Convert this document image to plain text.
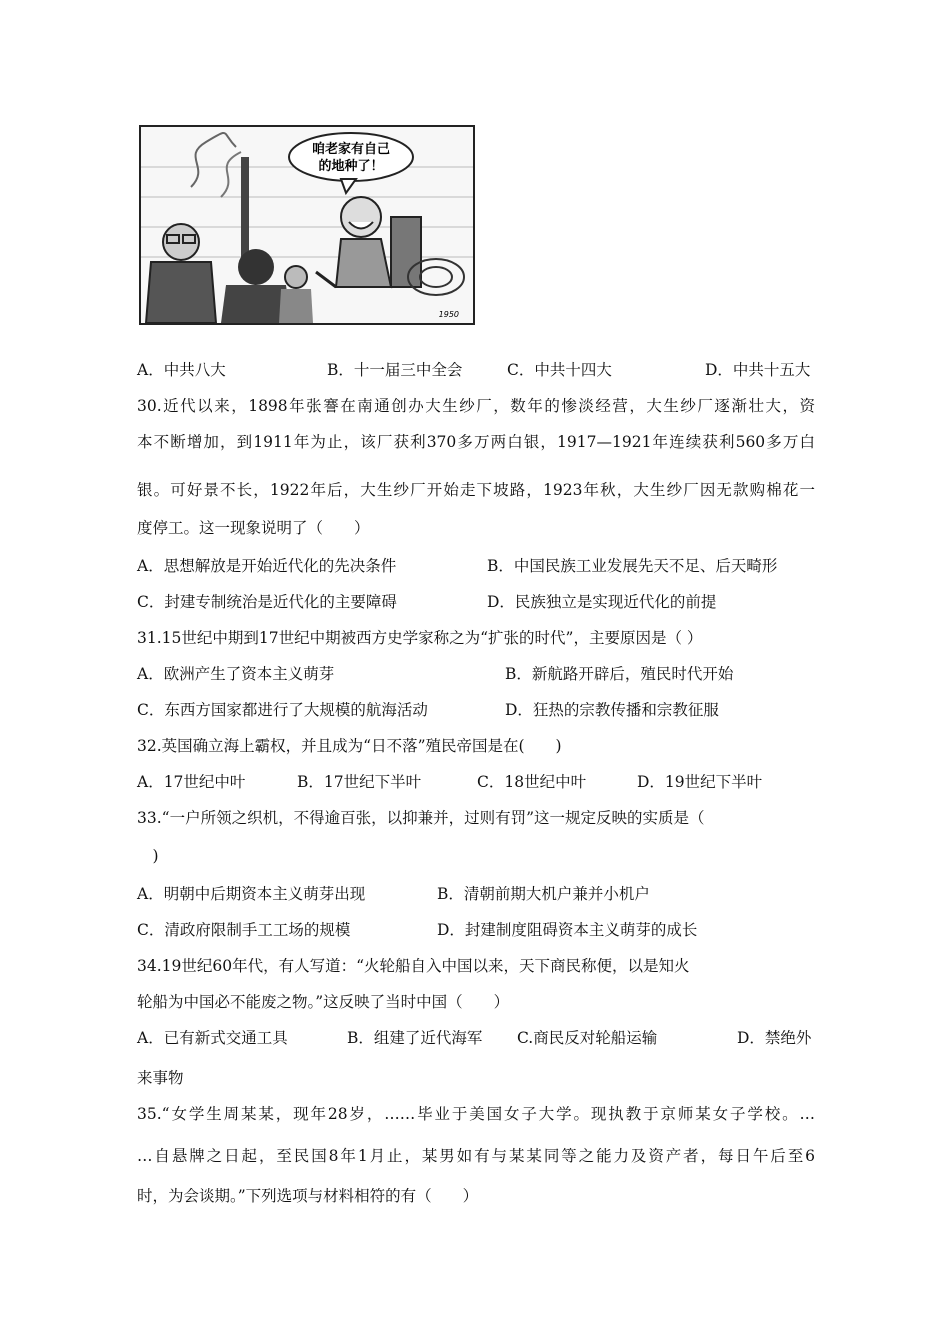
咱老家有自己
的地种了！
1950
A．中共八大	B．十一届三中全会	C．中共十四大	D．中共十五大
30.近代以来，1898年张謇在南通创办大生纱厂，数年的惨淡经营，大生纱厂逐渐壮大，资
本不断增加，到1911年为止，该厂获利370多万两白银，1917—1921年连续获利560多万白
银。可好景不长，1922年后，大生纱厂开始走下坡路，1923年秋，大生纱厂因无款购棉花一
度停工。这一现象说明了（　　）
A．思想解放是开始近代化的先决条件	B．中国民族工业发展先天不足、后天畸形
C．封建专制统治是近代化的主要障碍	D．民族独立是实现近代化的前提
31.15世纪中期到17世纪中期被西方史学家称之为“扩张的时代”，主要原因是（ ）
A．欧洲产生了资本主义萌芽	B．新航路开辟后，殖民时代开始
C．东西方国家都进行了大规模的航海活动	D．狂热的宗教传播和宗教征服
32.英国确立海上霸权，并且成为“日不落”殖民帝国是在(　　)
A．17世纪中叶	B．17世纪下半叶	C．18世纪中叶	D．19世纪下半叶
33.“一户所领之织机，不得逾百张，以抑兼并，过则有罚”这一规定反映的实质是（
　)
A．明朝中后期资本主义萌芽出现	B．清朝前期大机户兼并小机户
C．清政府限制手工工场的规模	D．封建制度阻碍资本主义萌芽的成长
34.19世纪60年代，有人写道：“火轮船自入中国以来，天下商民称便，以是知火
轮船为中国必不能废之物。”这反映了当时中国（　　）
A．已有新式交通工具	B．组建了近代海军 C.商民反对轮船运输	D．禁绝外
来事物
35.“女学生周某某，现年28岁，……毕业于美国女子大学。现执教于京师某女子学校。…
…自悬牌之日起，至民国8年1月止，某男如有与某某同等之能力及资产者，每日午后至6
时，为会谈期。”下列选项与材料相符的有（　　）
